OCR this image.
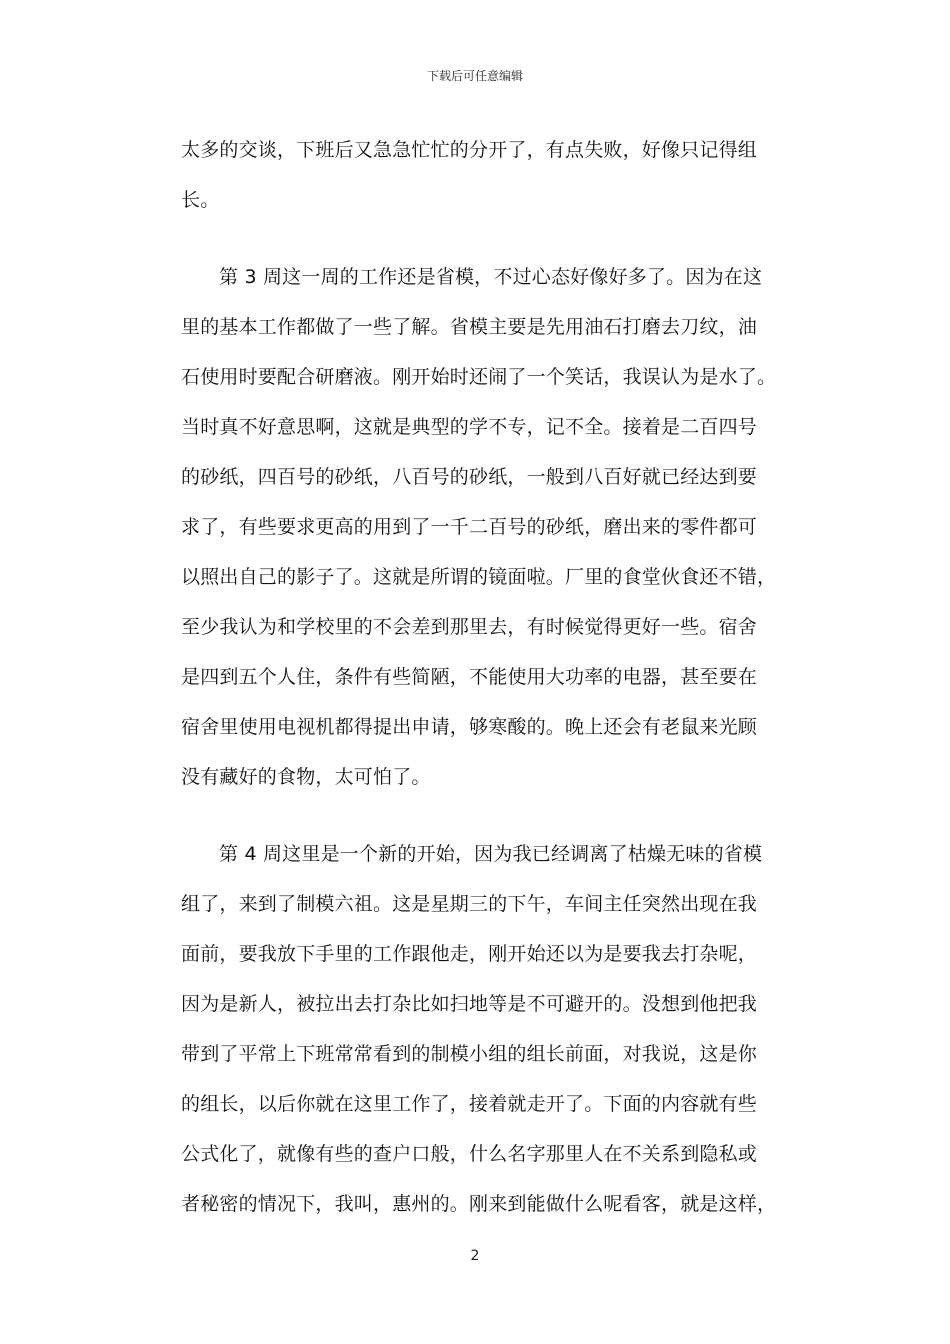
下载后可任意编辑
太多的交谈，下班后又急急忙忙的分开了，有点失败，好像只记得组
长。
第 3 周这一周的工作还是省模，不过心态好像好多了。因为在这
里的基本工作都做了一些了解。省模主要是先用油石打磨去刀纹，油
石使用时要配合研磨液。刚开始时还闹了一个笑话，我误认为是水了。
当时真不好意思啊，这就是典型的学不专，记不全。接着是二百四号
的砂纸，四百号的砂纸，八百号的砂纸，一般到八百好就已经达到要
求了，有些要求更高的用到了一千二百号的砂纸，磨出来的零件都可
以照出自己的影子了。这就是所谓的镜面啦。厂里的食堂伙食还不错，
至少我认为和学校里的不会差到那里去，有时候觉得更好一些。宿舍
是四到五个人住，条件有些简陋，不能使用大功率的电器，甚至要在
宿舍里使用电视机都得提出申请，够寒酸的。晚上还会有老鼠来光顾
没有藏好的食物，太可怕了。
第 4 周这里是一个新的开始，因为我已经调离了枯燥无味的省模
组了，来到了制模六祖。这是星期三的下午，车间主任突然出现在我
面前，要我放下手里的工作跟他走，刚开始还以为是要我去打杂呢，
因为是新人，被拉出去打杂比如扫地等是不可避开的。没想到他把我
带到了平常上下班常常看到的制模小组的组长前面，对我说，这是你
的组长，以后你就在这里工作了，接着就走开了。下面的内容就有些
公式化了，就像有些的查户口般，什么名字那里人在不关系到隐私或
者秘密的情况下，我叫，惠州的。刚来到能做什么呢看客，就是这样，
2
